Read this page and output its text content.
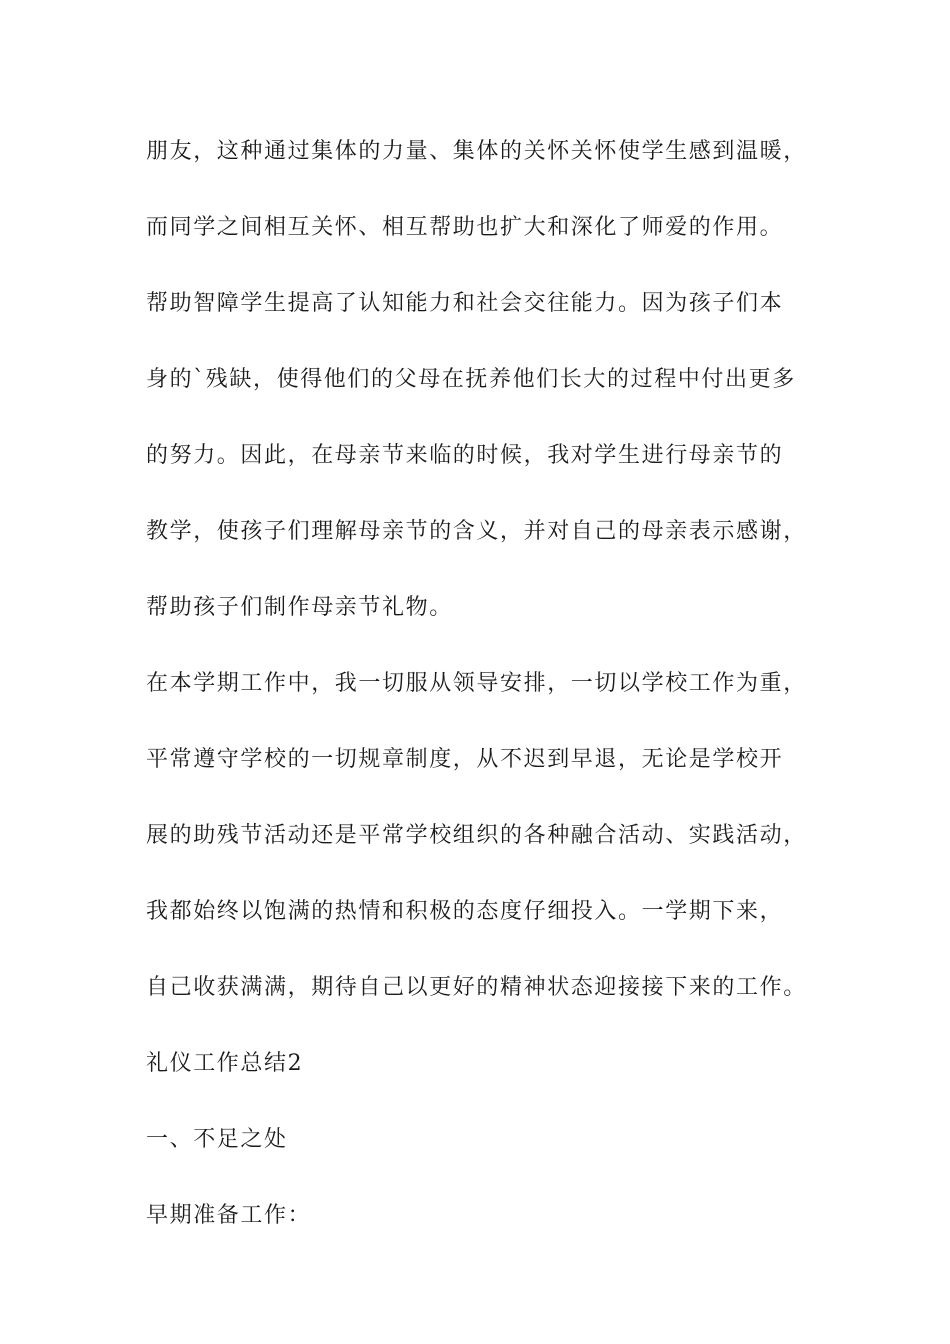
朋友，这种通过集体的力量、集体的关怀关怀使学生感到温暖，
而同学之间相互关怀、相互帮助也扩大和深化了师爱的作用。
帮助智障学生提高了认知能力和社会交往能力。因为孩子们本
身的`残缺，使得他们的父母在抚养他们长大的过程中付出更多
的努力。因此，在母亲节来临的时候，我对学生进行母亲节的
教学，使孩子们理解母亲节的含义，并对自己的母亲表示感谢，
帮助孩子们制作母亲节礼物。
在本学期工作中，我一切服从领导安排，一切以学校工作为重，
平常遵守学校的一切规章制度，从不迟到早退，无论是学校开
展的助残节活动还是平常学校组织的各种融合活动、实践活动，
我都始终以饱满的热情和积极的态度仔细投入。一学期下来，
自己收获满满，期待自己以更好的精神状态迎接接下来的工作。
礼仪工作总结2
一、不足之处
早期准备工作：
